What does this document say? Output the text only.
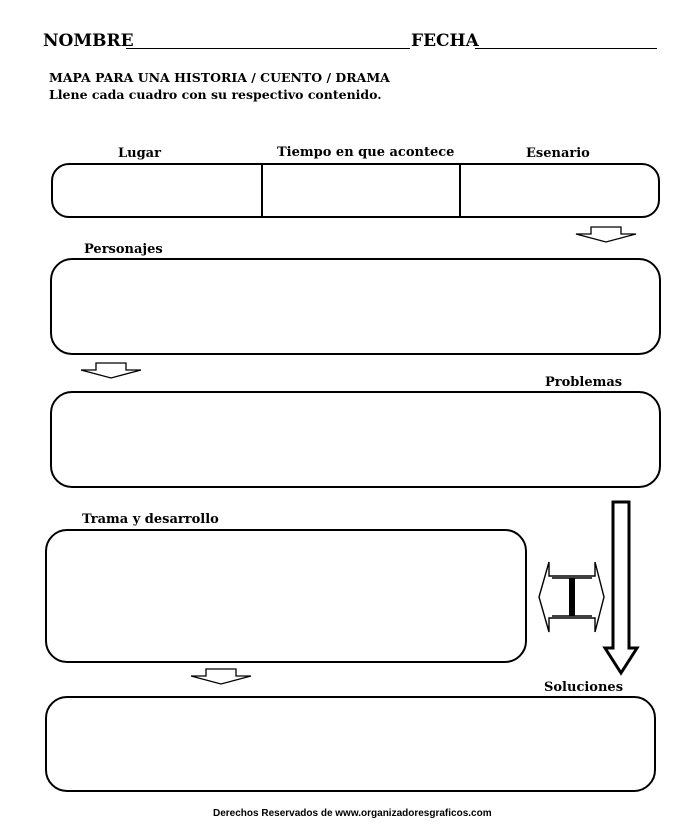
NOMBRE	FECHA
MAPA PARA UNA HISTORIA / CUENTO / DRAMA
Llene cada cuadro con su respectivo contenido.
Lugar	Tiempo en que acontece	Esenario
Personajes
Problemas
Trama y desarrollo
Soluciones
Derechos Reservados de www.organizadoresgraficos.com
